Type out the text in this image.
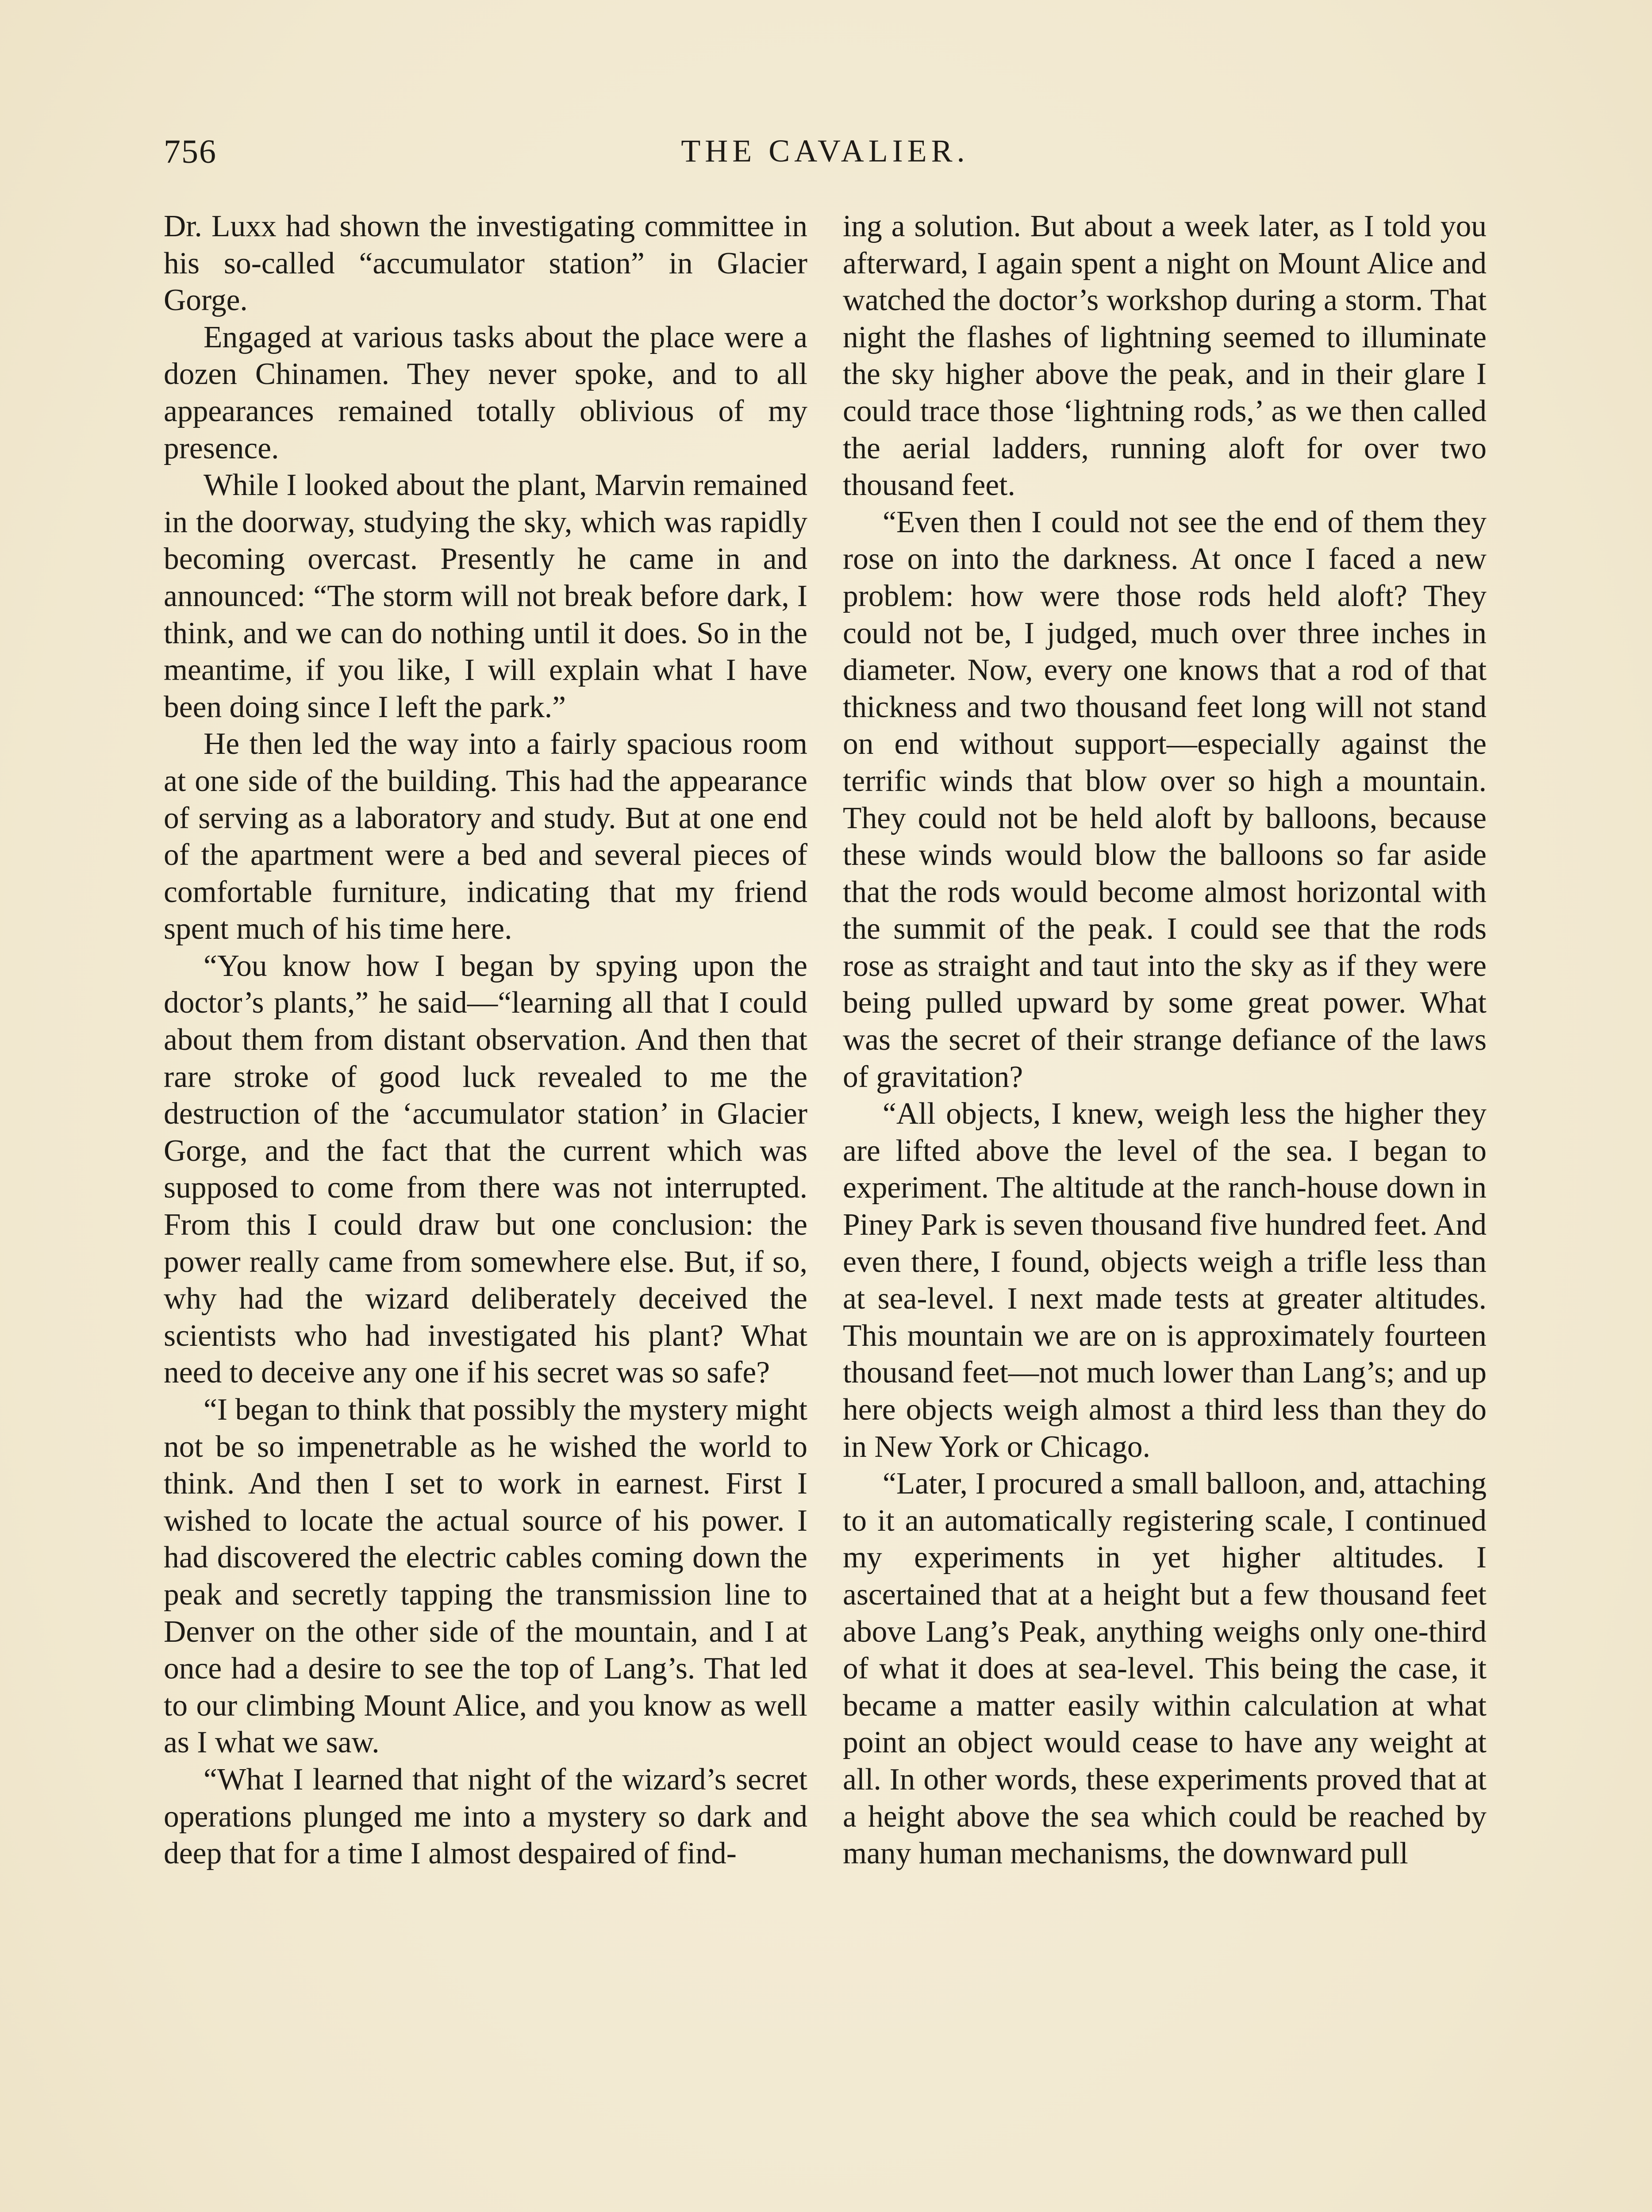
756	THE CAVALIER.

Dr. Luxx had shown the investigating committee in his so-called “accumulator station” in Glacier Gorge.

Engaged at various tasks about the place were a dozen Chinamen. They never spoke, and to all appearances remained totally oblivious of my presence.

While I looked about the plant, Marvin remained in the doorway, studying the sky, which was rapidly becoming overcast. Presently he came in and announced: “The storm will not break before dark, I think, and we can do nothing until it does. So in the meantime, if you like, I will explain what I have been doing since I left the park.”

He then led the way into a fairly spacious room at one side of the building. This had the appearance of serving as a laboratory and study. But at one end of the apartment were a bed and several pieces of comfortable furniture, indicating that my friend spent much of his time here.

“You know how I began by spying upon the doctor’s plants,” he said—“learning all that I could about them from distant observation. And then that rare stroke of good luck revealed to me the destruction of the ‘accumulator station’ in Glacier Gorge, and the fact that the current which was supposed to come from there was not interrupted. From this I could draw but one conclusion: the power really came from somewhere else. But, if so, why had the wizard deliberately deceived the scientists who had investigated his plant? What need to deceive any one if his secret was so safe?

“I began to think that possibly the mystery might not be so impenetrable as he wished the world to think. And then I set to work in earnest. First I wished to locate the actual source of his power. I had discovered the electric cables coming down the peak and secretly tapping the transmission line to Denver on the other side of the mountain, and I at once had a desire to see the top of Lang’s. That led to our climbing Mount Alice, and you know as well as I what we saw.

“What I learned that night of the wizard’s secret operations plunged me into a mystery so dark and deep that for a time I almost despaired of find-

ing a solution. But about a week later, as I told you afterward, I again spent a night on Mount Alice and watched the doctor’s workshop during a storm. That night the flashes of lightning seemed to illuminate the sky higher above the peak, and in their glare I could trace those ‘lightning rods,’ as we then called the aerial ladders, running aloft for over two thousand feet.

“Even then I could not see the end of them they rose on into the darkness. At once I faced a new problem: how were those rods held aloft? They could not be, I judged, much over three inches in diameter. Now, every one knows that a rod of that thickness and two thousand feet long will not stand on end without support—especially against the terrific winds that blow over so high a mountain. They could not be held aloft by balloons, because these winds would blow the balloons so far aside that the rods would become almost horizontal with the summit of the peak. I could see that the rods rose as straight and taut into the sky as if they were being pulled upward by some great power. What was the secret of their strange defiance of the laws of gravitation?

“All objects, I knew, weigh less the higher they are lifted above the level of the sea. I began to experiment. The altitude at the ranch-house down in Piney Park is seven thousand five hundred feet. And even there, I found, objects weigh a trifle less than at sea-level. I next made tests at greater altitudes. This mountain we are on is approximately fourteen thousand feet—not much lower than Lang’s; and up here objects weigh almost a third less than they do in New York or Chicago.

“Later, I procured a small balloon, and, attaching to it an automatically registering scale, I continued my experiments in yet higher altitudes. I ascertained that at a height but a few thousand feet above Lang’s Peak, anything weighs only one-third of what it does at sea-level. This being the case, it became a matter easily within calculation at what point an object would cease to have any weight at all. In other words, these experiments proved that at a height above the sea which could be reached by many human mechanisms, the downward pull
